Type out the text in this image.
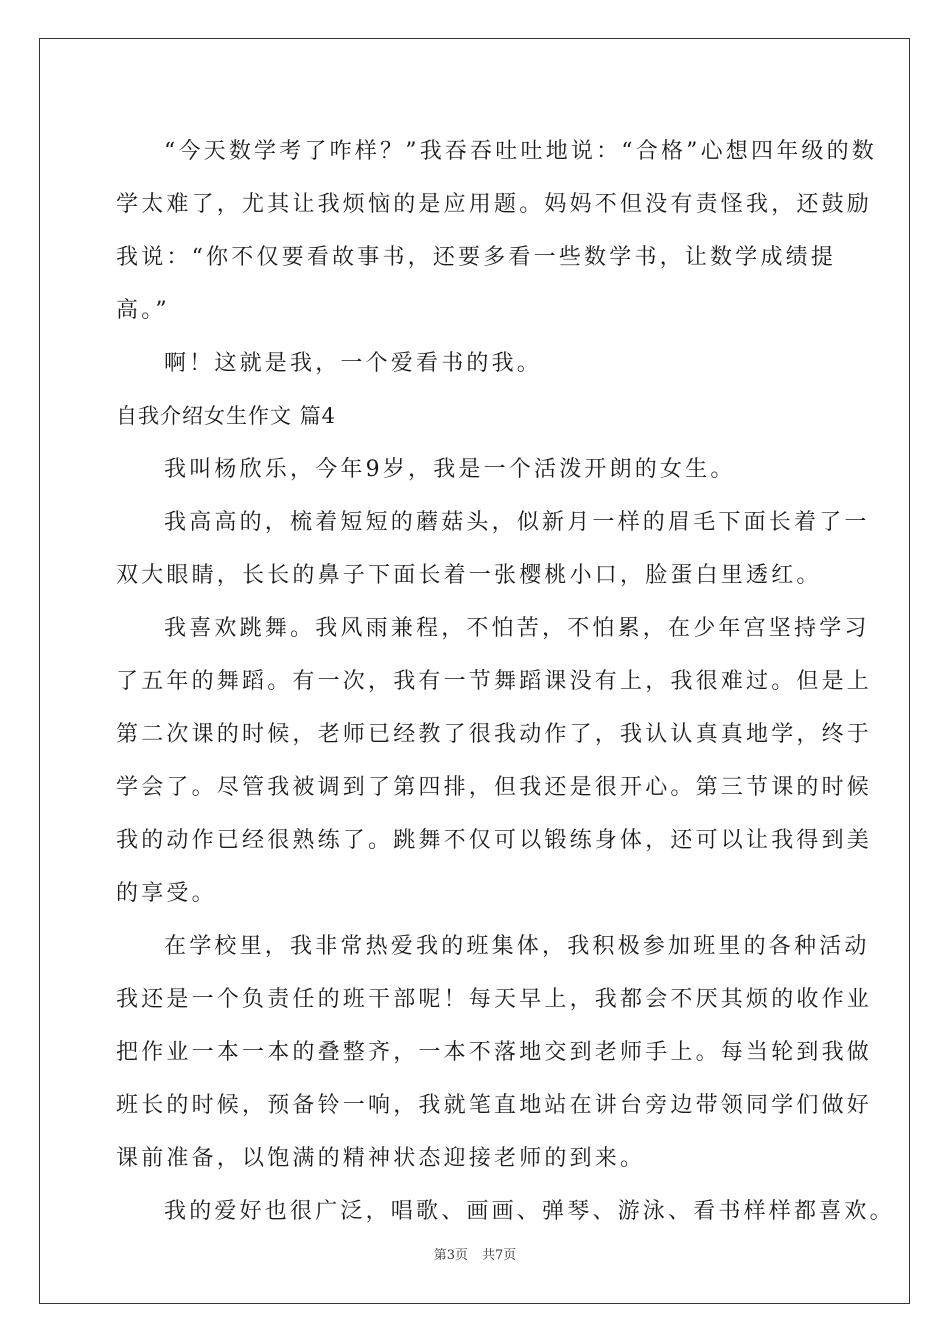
“今天数学考了咋样？”我吞吞吐吐地说：“合格”心想四年级的数
学太难了，尤其让我烦恼的是应用题。妈妈不但没有责怪我，还鼓励
我说：“你不仅要看故事书，还要多看一些数学书，让数学成绩提
高。”
啊！这就是我，一个爱看书的我。
自我介绍女生作文 篇4
我叫杨欣乐，今年9岁，我是一个活泼开朗的女生。
我高高的，梳着短短的蘑菇头，似新月一样的眉毛下面长着了一
双大眼睛，长长的鼻子下面长着一张樱桃小口，脸蛋白里透红。
我喜欢跳舞。我风雨兼程，不怕苦，不怕累，在少年宫坚持学习
了五年的舞蹈。有一次，我有一节舞蹈课没有上，我很难过。但是上
第二次课的时候，老师已经教了很我动作了，我认认真真地学，终于
学会了。尽管我被调到了第四排，但我还是很开心。第三节课的时候
我的动作已经很熟练了。跳舞不仅可以锻练身体，还可以让我得到美
的享受。
在学校里，我非常热爱我的班集体，我积极参加班里的各种活动
我还是一个负责任的班干部呢！每天早上，我都会不厌其烦的收作业
把作业一本一本的叠整齐，一本不落地交到老师手上。每当轮到我做
班长的时候，预备铃一响，我就笔直地站在讲台旁边带领同学们做好
课前准备，以饱满的精神状态迎接老师的到来。
我的爱好也很广泛，唱歌、画画、弹琴、游泳、看书样样都喜欢。
第3页 共7页
